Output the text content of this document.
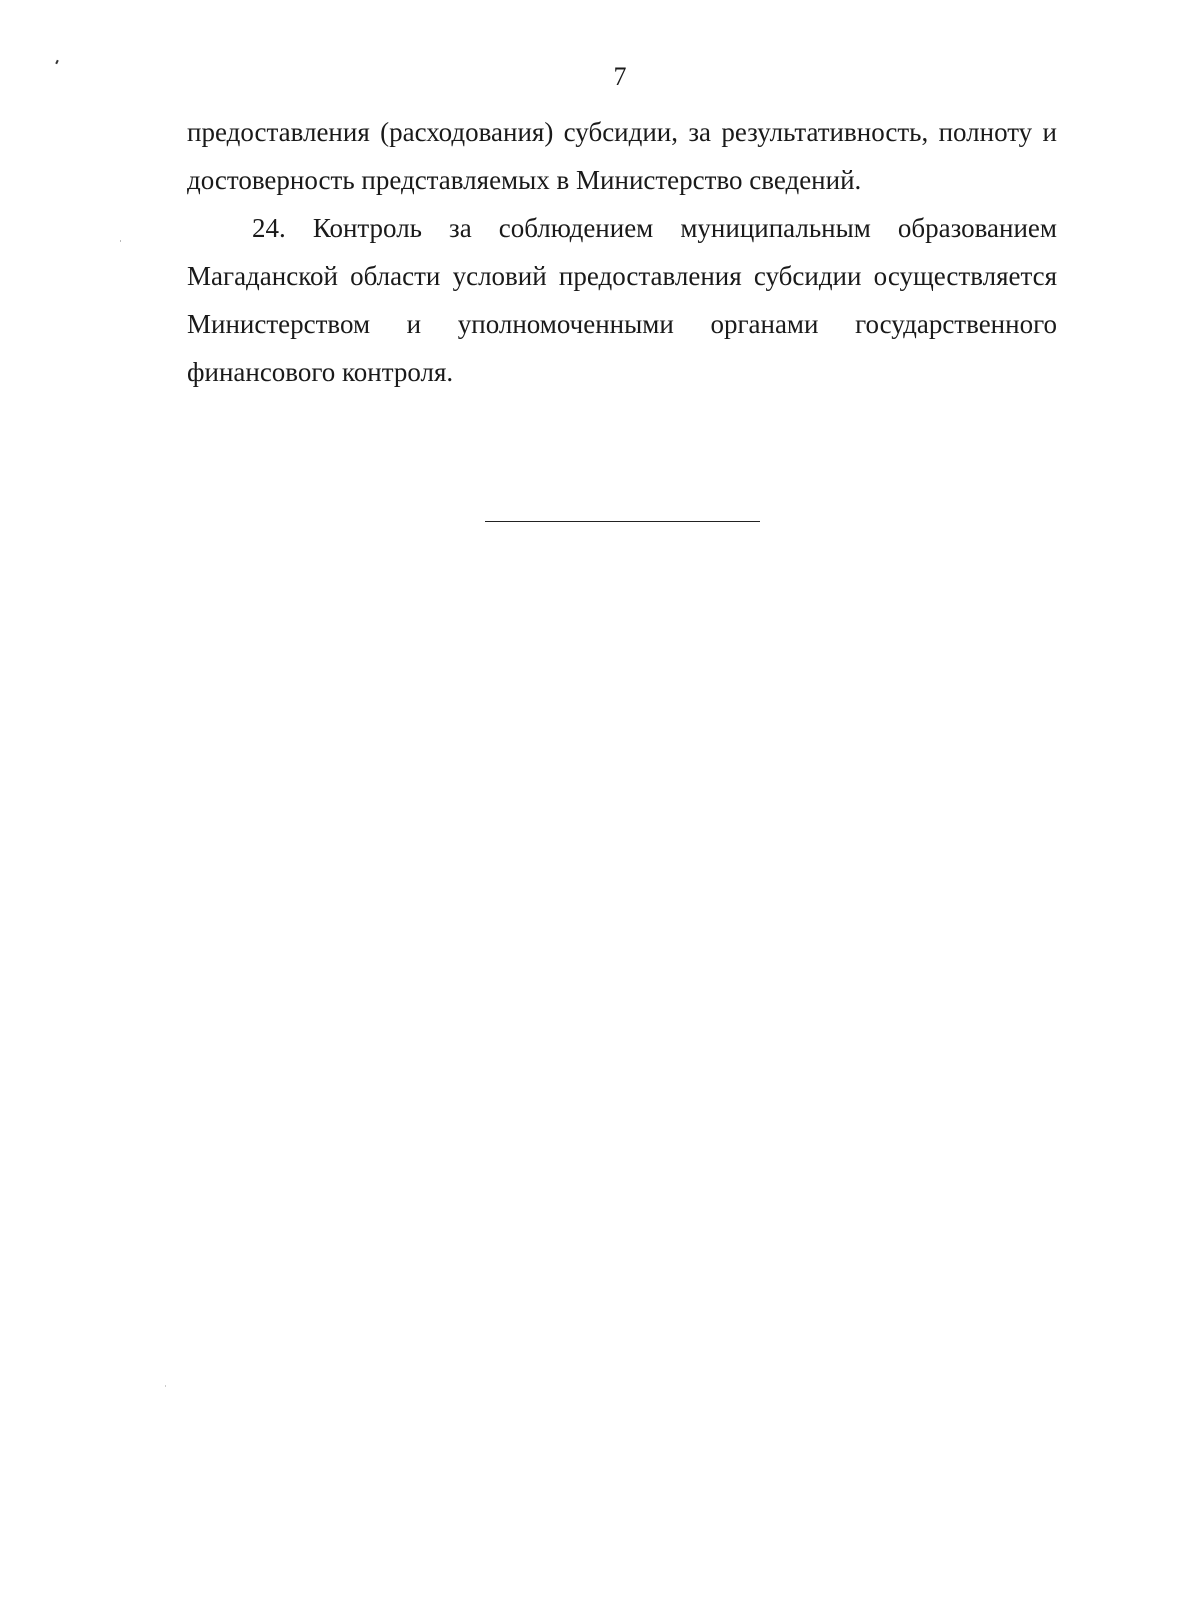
7

предоставления (расходования) субсидии, за результативность, полноту и
достоверность представляемых в Министерство сведений.

24. Контроль за соблюдением муниципальным образованием
Магаданской области условий предоставления субсидии осуществляется
Министерством и уполномоченными органами государственного
финансового контроля.
